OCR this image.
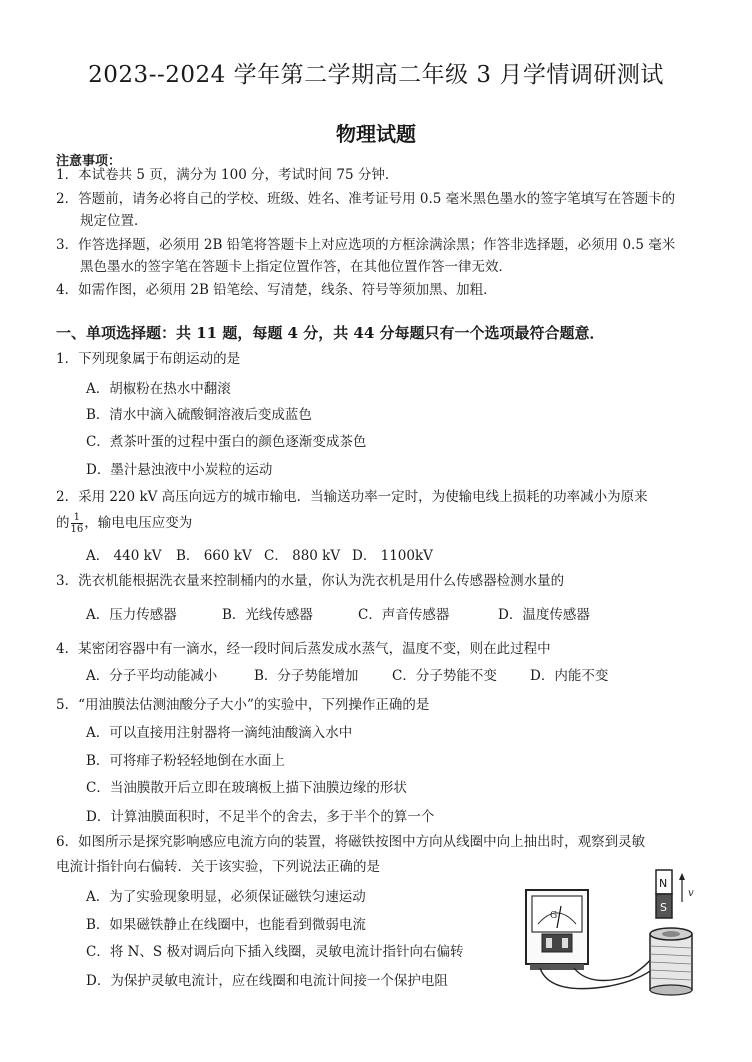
2023--2024 学年第二学期高二年级 3 月学情调研测试
物理试题
注意事项：
1．本试卷共 5 页，满分为 100 分，考试时间 75 分钟．
2．答题前，请务必将自己的学校、班级、姓名、准考证号用 0.5 毫米黑色墨水的签字笔填写在答题卡的
规定位置．
3．作答选择题，必须用 2B 铅笔将答题卡上对应选项的方框涂满涂黑；作答非选择题，必须用 0.5 毫米
黑色墨水的签字笔在答题卡上指定位置作答，在其他位置作答一律无效．
4．如需作图，必须用 2B 铅笔绘、写清楚，线条、符号等须加黑、加粗．
一、单项选择题：共 11 题，每题 4 分，共 44 分每题只有一个选项最符合题意．
1．下列现象属于布朗运动的是
A．胡椒粉在热水中翻滚
B．清水中滴入硫酸铜溶液后变成蓝色
C．煮茶叶蛋的过程中蛋白的颜色逐渐变成茶色
D．墨汁悬浊液中小炭粒的运动
2．采用 220 kV 高压向远方的城市输电．当输送功率一定时，为使输电线上损耗的功率减小为原来
的 $\frac{1}{16}$ ，输电电压应变为
A． 440 kV B． 660 kV C． 880 kV D． 1100kV
3．洗衣机能根据洗衣量来控制桶内的水量，你认为洗衣机是用什么传感器检测水量的
A．压力传感器	B．光线传感器	C．声音传感器	D．温度传感器
4．某密闭容器中有一滴水，经一段时间后蒸发成水蒸气，温度不变，则在此过程中
A．分子平均动能减小	B．分子势能增加 C．分子势能不变 D．内能不变
5．“用油膜法估测油酸分子大小”的实验中，下列操作正确的是
A．可以直接用注射器将一滴纯油酸滴入水中
B．可将痱子粉轻轻地倒在水面上
C．当油膜散开后立即在玻璃板上描下油膜边缘的形状
D．计算油膜面积时，不足半个的舍去，多于半个的算一个
6．如图所示是探究影响感应电流方向的装置，将磁铁按图中方向从线圈中向上抽出时，观察到灵敏
电流计指针向右偏转．关于该实验，下列说法正确的是
A．为了实验现象明显，必须保证磁铁匀速运动
B．如果磁铁静止在线圈中，也能看到微弱电流
C．将 N、S 极对调后向下插入线圈，灵敏电流计指针向右偏转
D．为保护灵敏电流计，应在线圈和电流计间接一个保护电阻
G
N
S
v
